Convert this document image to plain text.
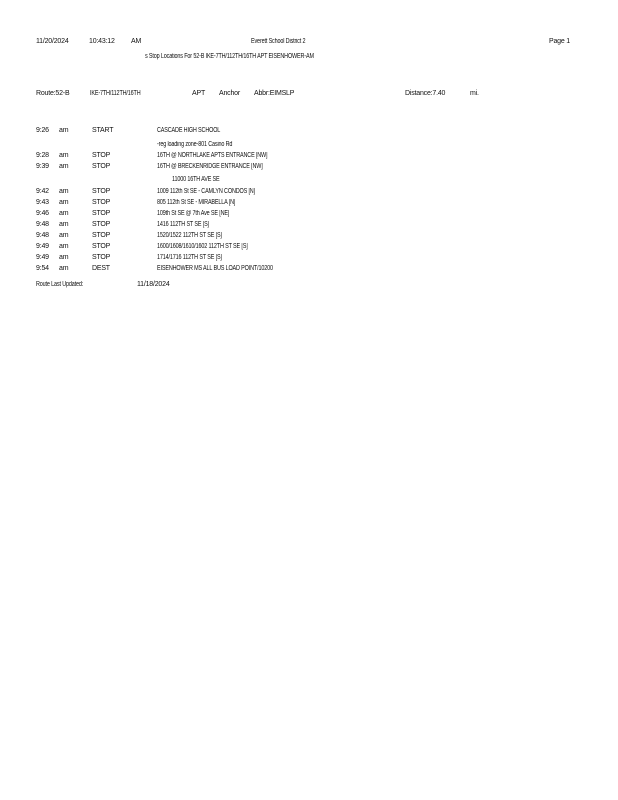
11/20/2024	10:43:12 AM	Everett School District 2	Page 1
s Stop Locations For 52-B IKE-7TH/112TH/16TH APT EISENHOWER-AM
Route:52-B	IKE-7TH/112TH/16TH	APT Anchor Abbr:EIMSLP	Distance:7.40	mi.
9:26 am	START	CASCADE HIGH SCHOOL
-reg loading zone-801 Casino Rd
9:28 am	STOP	16TH @ NORTHLAKE APTS ENTRANCE [NW]
9:39 am	STOP	16TH @ BRECKENRIDGE ENTRANCE [NW]
11000 16TH AVE SE
9:42 am	STOP	1009 112th St SE - CAMLYN CONDOS [N]
9:43 am	STOP	805 112th St SE - MIRABELLA [N]
9:46 am	STOP	109th St SE @ 7th Ave SE [NE]
9:48 am	STOP	1416 112TH ST SE [S]
9:48 am	STOP	1520/1522 112TH ST SE [S]
9:49 am	STOP	1600/1608/1610/1602 112TH ST SE [S]
9:49 am	STOP	1714/1716 112TH ST SE [S]
9:54 am	DEST	EISENHOWER MS ALL BUS LOAD POINT/10200
Route Last Updated:	11/18/2024
